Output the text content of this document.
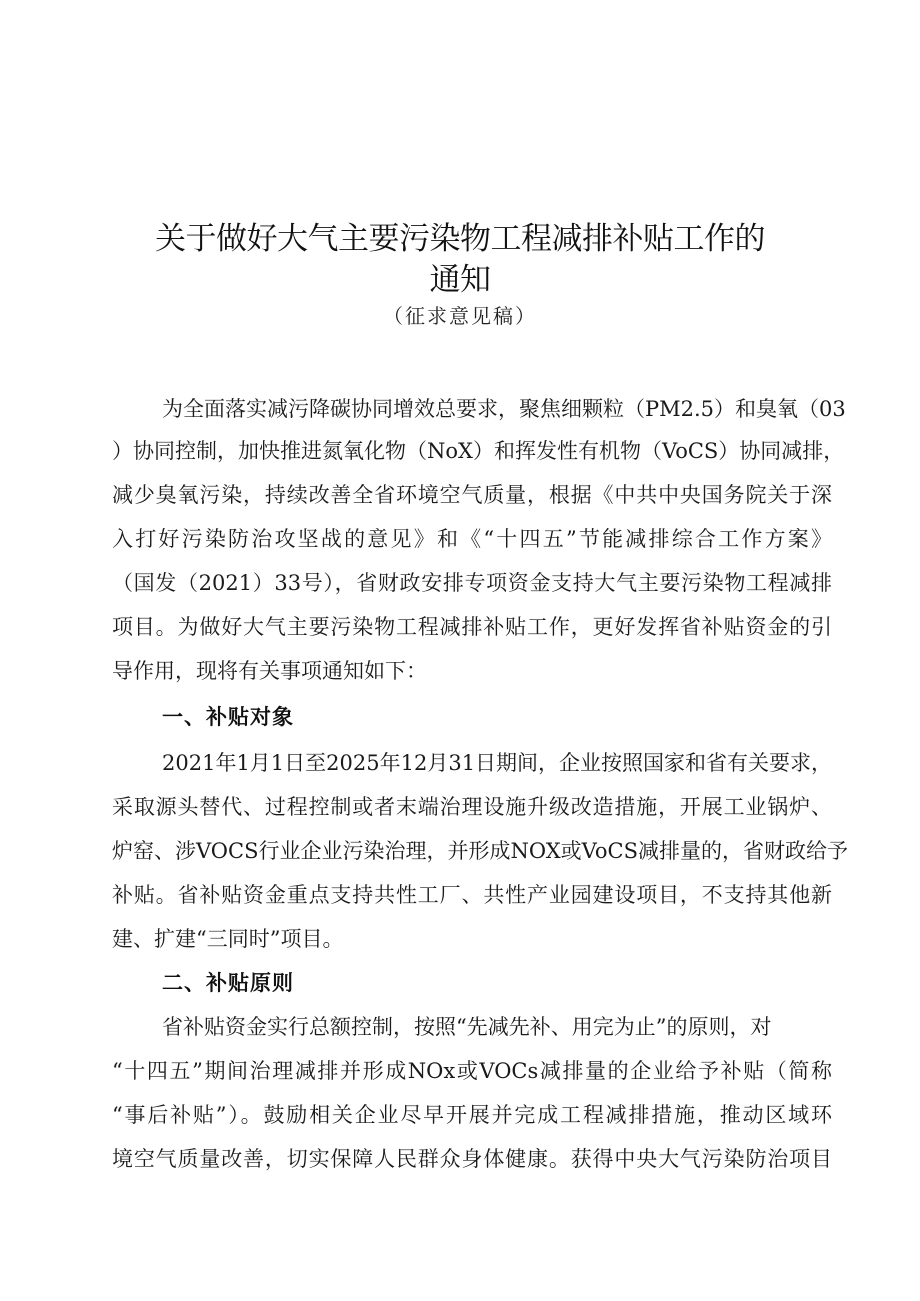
关于做好大气主要污染物工程减排补贴工作的
通知
（征求意见稿）
为全面落实减污降碳协同增效总要求，聚焦细颗粒（PM2.5）和臭氧（03
）协同控制，加快推进氮氧化物（NoX）和挥发性有机物（VoCS）协同减排，
减少臭氧污染，持续改善全省环境空气质量，根据《中共中央国务院关于深
入打好污染防治攻坚战的意见》和《“十四五”节能减排综合工作方案》
（国发（2021）33号），省财政安排专项资金支持大气主要污染物工程减排
项目。为做好大气主要污染物工程减排补贴工作，更好发挥省补贴资金的引
导作用，现将有关事项通知如下：
一、补贴对象
2021年1月1日至2025年12月31日期间，企业按照国家和省有关要求，
采取源头替代、过程控制或者末端治理设施升级改造措施，开展工业锅炉、
炉窑、涉VOCS行业企业污染治理，并形成NOX或VoCS减排量的，省财政给予
补贴。省补贴资金重点支持共性工厂、共性产业园建设项目，不支持其他新
建、扩建“三同时”项目。
二、补贴原则
省补贴资金实行总额控制，按照“先减先补、用完为止”的原则，对
“十四五”期间治理减排并形成NOx或VOCs减排量的企业给予补贴（简称
“事后补贴”）。鼓励相关企业尽早开展并完成工程减排措施，推动区域环
境空气质量改善，切实保障人民群众身体健康。获得中央大气污染防治项目
